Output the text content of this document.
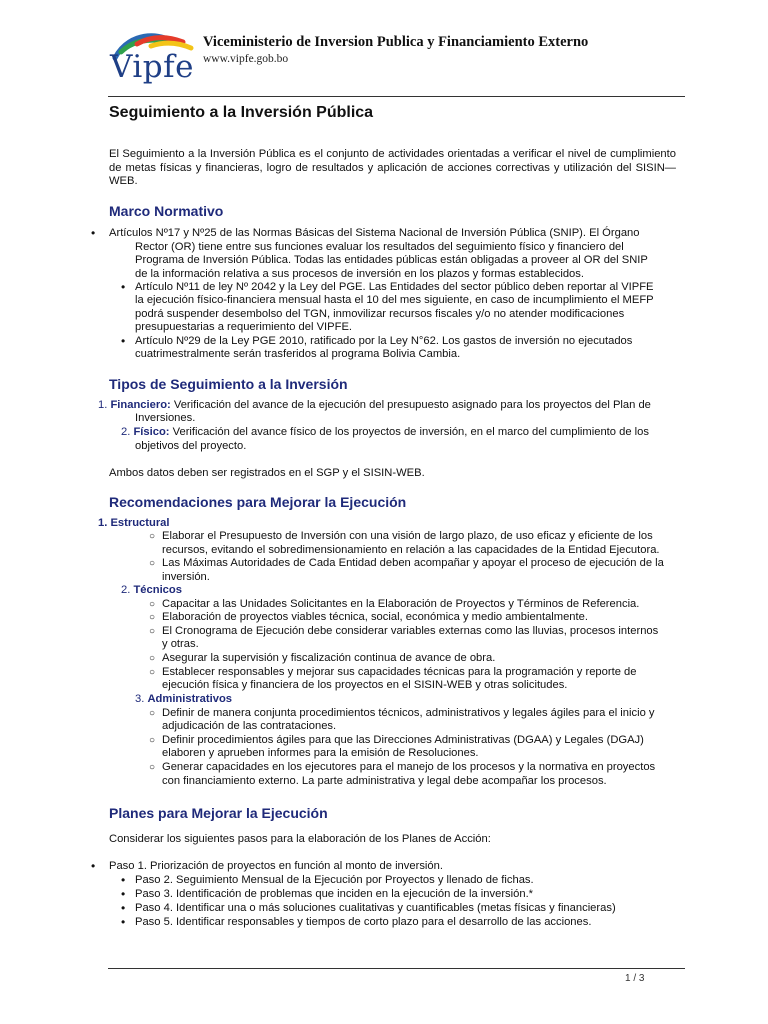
Vipfe
Viceministerio de Inversion Publica y Financiamiento Externo
www.vipfe.gob.bo
Seguimiento a la Inversión Pública
El Seguimiento a la Inversión Pública es el conjunto de actividades orientadas a verificar el nivel de cumplimiento de metas físicas y financieras, logro de resultados y aplicación de acciones correctivas y utilización del SISIN—WEB.
Marco Normativo
• Artículos Nº17 y Nº25 de las Normas Básicas del Sistema Nacional de Inversión Pública (SNIP). El Órgano
Rector (OR) tiene entre sus funciones evaluar los resultados del seguimiento físico y financiero del
Programa de Inversión Pública. Todas las entidades públicas están obligadas a proveer al OR del SNIP
de la información relativa a sus procesos de inversión en los plazos y formas establecidos.
• Artículo Nº11 de ley Nº 2042 y la Ley del PGE. Las Entidades del sector público deben reportar al VIPFE
la ejecución físico-financiera mensual hasta el 10 del mes siguiente, en caso de incumplimiento el MEFP
podrá suspender desembolso del TGN, inmovilizar recursos fiscales y/o no atender modificaciones
presupuestarias a requerimiento del VIPFE.
• Artículo Nº29 de la Ley PGE 2010, ratificado por la Ley N°62. Los gastos de inversión no ejecutados
cuatrimestralmente serán trasferidos al programa Bolivia Cambia.
Tipos de Seguimiento a la Inversión
1. Financiero: Verificación del avance de la ejecución del presupuesto asignado para los proyectos del Plan de
Inversiones.
2. Físico: Verificación del avance físico de los proyectos de inversión, en el marco del cumplimiento de los
objetivos del proyecto.
Ambos datos deben ser registrados en el SGP y el SISIN-WEB.
Recomendaciones para Mejorar la Ejecución
1. Estructural
○ Elaborar el Presupuesto de Inversión con una visión de largo plazo, de uso eficaz y eficiente de los
recursos, evitando el sobredimensionamiento en relación a las capacidades de la Entidad Ejecutora.
○ Las Máximas Autoridades de Cada Entidad deben acompañar y apoyar el proceso de ejecución de la
inversión.
2. Técnicos
○ Capacitar a las Unidades Solicitantes en la Elaboración de Proyectos y Términos de Referencia.
○ Elaboración de proyectos viables técnica, social, económica y medio ambientalmente.
○ El Cronograma de Ejecución debe considerar variables externas como las lluvias, procesos internos
y otras.
○ Asegurar la supervisión y fiscalización continua de avance de obra.
○ Establecer responsables y mejorar sus capacidades técnicas para la programación y reporte de
ejecución física y financiera de los proyectos en el SISIN-WEB y otras solicitudes.
3. Administrativos
○ Definir de manera conjunta procedimientos técnicos, administrativos y legales ágiles para el inicio y
adjudicación de las contrataciones.
○ Definir procedimientos ágiles para que las Direcciones Administrativas (DGAA) y Legales (DGAJ)
elaboren y aprueben informes para la emisión de Resoluciones.
○ Generar capacidades en los ejecutores para el manejo de los procesos y la normativa en proyectos
con financiamiento externo. La parte administrativa y legal debe acompañar los procesos.
Planes para Mejorar la Ejecución
Considerar los siguientes pasos para la elaboración de los Planes de Acción:
• Paso 1. Priorización de proyectos en función al monto de inversión.
• Paso 2. Seguimiento Mensual de la Ejecución por Proyectos y llenado de fichas.
• Paso 3. Identificación de problemas que inciden en la ejecución de la inversión.*
• Paso 4. Identificar una o más soluciones cualitativas y cuantificables (metas físicas y financieras)
• Paso 5. Identificar responsables y tiempos de corto plazo para el desarrollo de las acciones.
1 / 3
